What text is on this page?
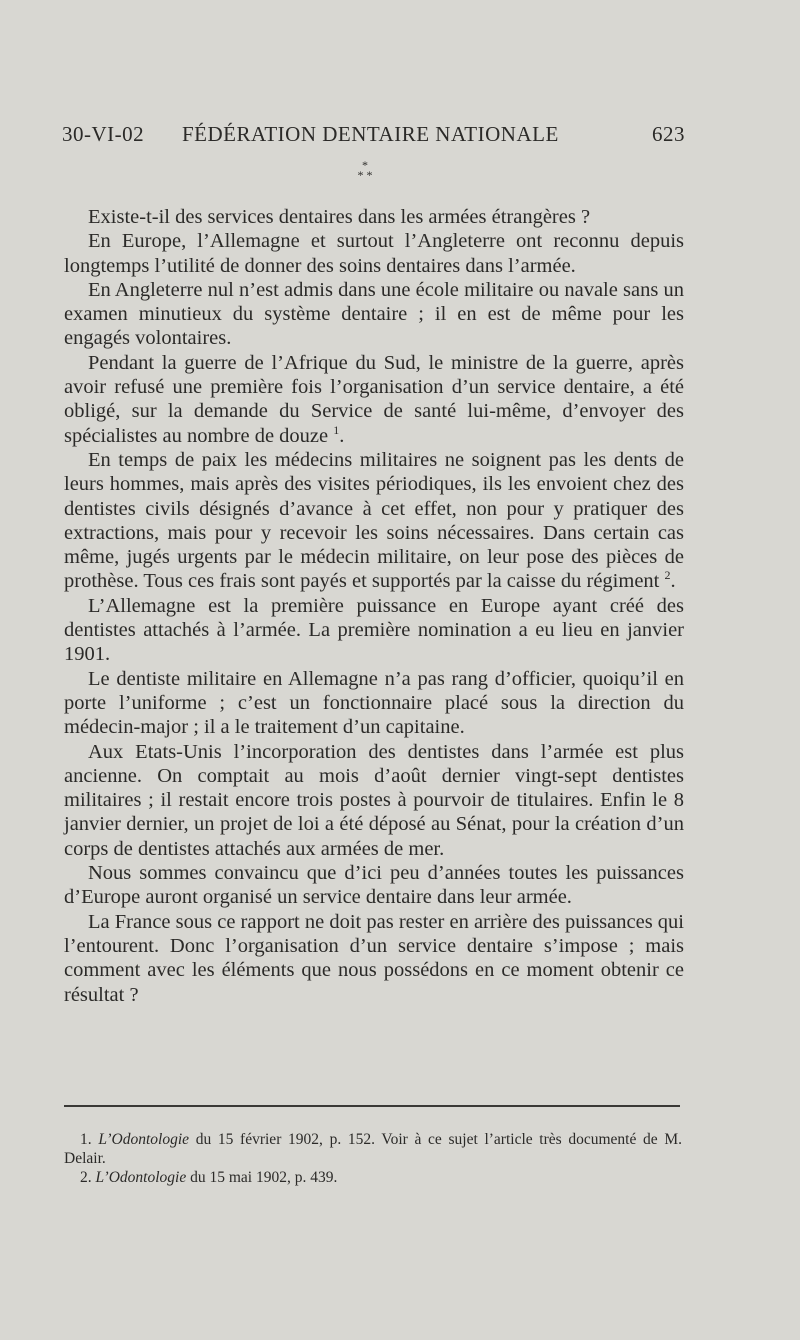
30-VI-02 FÉDÉRATION DENTAIRE NATIONALE	623
*
* *

Existe-t-il des services dentaires dans les armées étrangères ?

En Europe, l’Allemagne et surtout l’Angleterre ont reconnu depuis longtemps l’utilité de donner des soins dentaires dans l’armée.

En Angleterre nul n’est admis dans une école militaire ou navale sans un examen minutieux du système dentaire ; il en est de même pour les engagés volontaires.

Pendant la guerre de l’Afrique du Sud, le ministre de la guerre, après avoir refusé une première fois l’organisation d’un service dentaire, a été obligé, sur la demande du Service de santé lui-même, d’envoyer des spécialistes au nombre de douze $^1$.

En temps de paix les médecins militaires ne soignent pas les dents de leurs hommes, mais après des visites périodiques, ils les envoient chez des dentistes civils désignés d’avance à cet effet, non pour y pratiquer des extractions, mais pour y recevoir les soins nécessaires. Dans certain cas même, jugés urgents par le médecin militaire, on leur pose des pièces de prothèse. Tous ces frais sont payés et supportés par la caisse du régiment $^2$.

L’Allemagne est la première puissance en Europe ayant créé des dentistes attachés à l’armée. La première nomination a eu lieu en janvier 1901.

Le dentiste militaire en Allemagne n’a pas rang d’officier, quoiqu’il en porte l’uniforme ; c’est un fonctionnaire placé sous la direction du médecin-major ; il a le traitement d’un capitaine.

Aux Etats-Unis l’incorporation des dentistes dans l’armée est plus ancienne. On comptait au mois d’août dernier vingt-sept dentistes militaires ; il restait encore trois postes à pourvoir de titulaires. Enfin le 8 janvier dernier, un projet de loi a été déposé au Sénat, pour la création d’un corps de dentistes attachés aux armées de mer.

Nous sommes convaincu que d’ici peu d’années toutes les puissances d’Europe auront organisé un service dentaire dans leur armée.

La France sous ce rapport ne doit pas rester en arrière des puissances qui l’entourent. Donc l’organisation d’un service dentaire s’impose ; mais comment avec les éléments que nous possédons en ce moment obtenir ce résultat ?

1. L’Odontologie du 15 février 1902, p. 152. Voir à ce sujet l’article très documenté de M. Delair.

2. L’Odontologie du 15 mai 1902, p. 439.
